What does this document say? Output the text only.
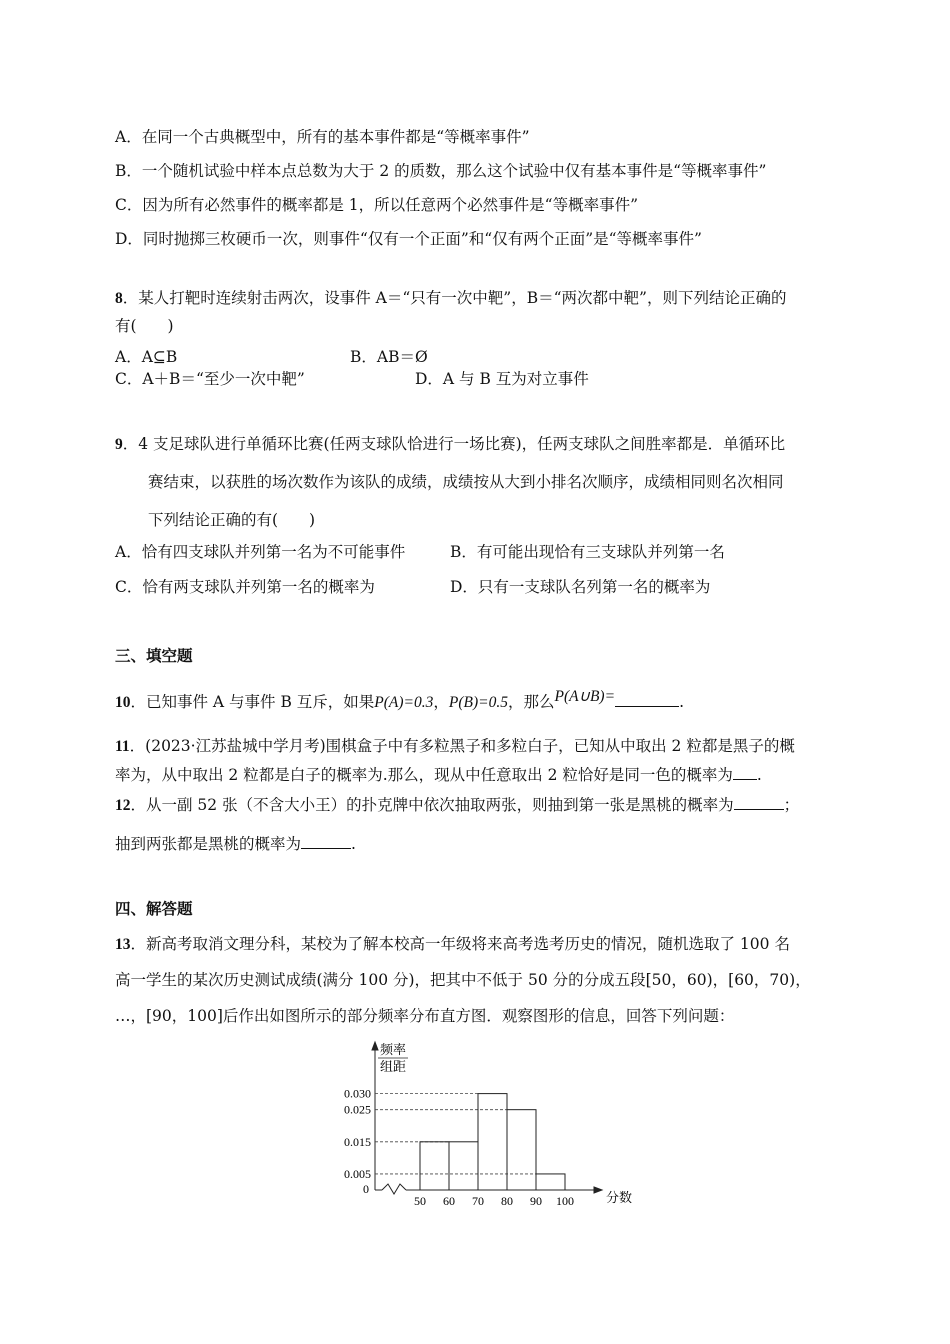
A．在同一个古典概型中，所有的基本事件都是“等概率事件”
B．一个随机试验中样本点总数为大于 2 的质数，那么这个试验中仅有基本事件是“等概率事件”
C．因为所有必然事件的概率都是 1，所以任意两个必然事件是“等概率事件”
D．同时抛掷三枚硬币一次，则事件“仅有一个正面”和“仅有两个正面”是“等概率事件”
8．某人打靶时连续射击两次，设事件 A＝“只有一次中靶”，B＝“两次都中靶”，则下列结论正确的
有(　　)
A．A⊆B	B．AB＝Ø
C．A＋B＝“至少一次中靶”	D．A 与 B 互为对立事件
9．4 支足球队进行单循环比赛(任两支球队恰进行一场比赛)，任两支球队之间胜率都是．单循环比
赛结束，以获胜的场次数作为该队的成绩，成绩按从大到小排名次顺序，成绩相同则名次相同
下列结论正确的有(　　)
A．恰有四支球队并列第一名为不可能事件	B．有可能出现恰有三支球队并列第一名
C．恰有两支球队并列第一名的概率为	D．只有一支球队名列第一名的概率为
三、填空题
10．已知事件 A 与事件 B 互斥，如果P(A)=0.3，P(B)=0.5，那么P(A∪B)=	.
11．(2023·江苏盐城中学月考)围棋盒子中有多粒黑子和多粒白子，已知从中取出 2 粒都是黑子的概
率为，从中取出 2 粒都是白子的概率为.那么，现从中任意取出 2 粒恰好是同一色的概率为 .
12．从一副 52 张（不含大小王）的扑克牌中依次抽取两张，则抽到第一张是黑桃的概率为	；
抽到两张都是黑桃的概率为	.
四、解答题
13．新高考取消文理分科，某校为了解本校高一年级将来高考选考历史的情况，随机选取了 100 名
高一学生的某次历史测试成绩(满分 100 分)，把其中不低于 50 分的分成五段[50，60)，[60，70)，
…，[90，100]后作出如图所示的部分频率分布直方图．观察图形的信息，回答下列问题：
0.005
0.015
0.025
0.030
50 60 70 80 90 100
频率
组距
0
分数
